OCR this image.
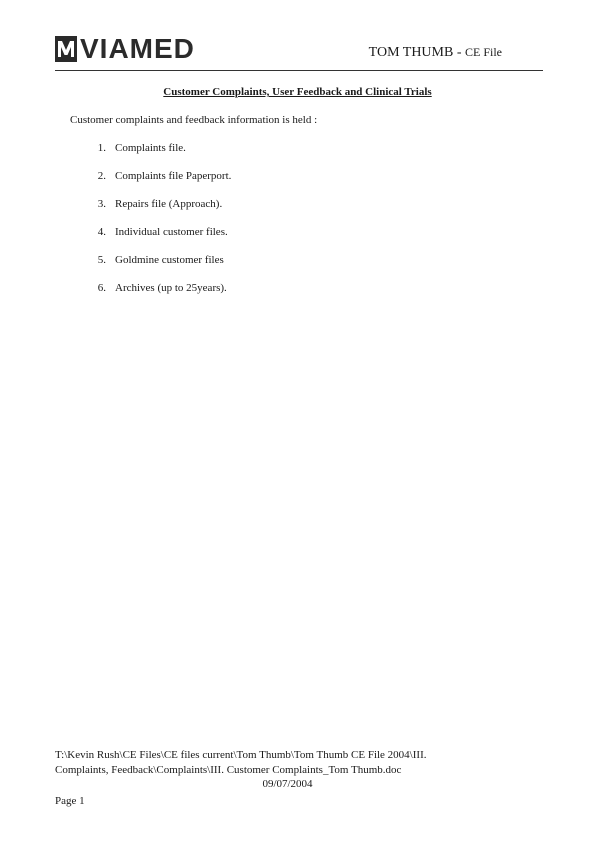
VIAMED	TOM THUMB - CE File
Customer Complaints, User Feedback and Clinical Trials
Customer complaints and feedback information is held :
1. Complaints file.
2. Complaints file Paperport.
3. Repairs file (Approach).
4. Individual customer files.
5. Goldmine customer files
6. Archives (up to 25years).
T:\Kevin Rush\CE Files\CE files current\Tom Thumb\Tom Thumb CE File 2004\III.
Complaints, Feedback\Complaints\III. Customer Complaints_Tom Thumb.doc
09/07/2004
Page 1
